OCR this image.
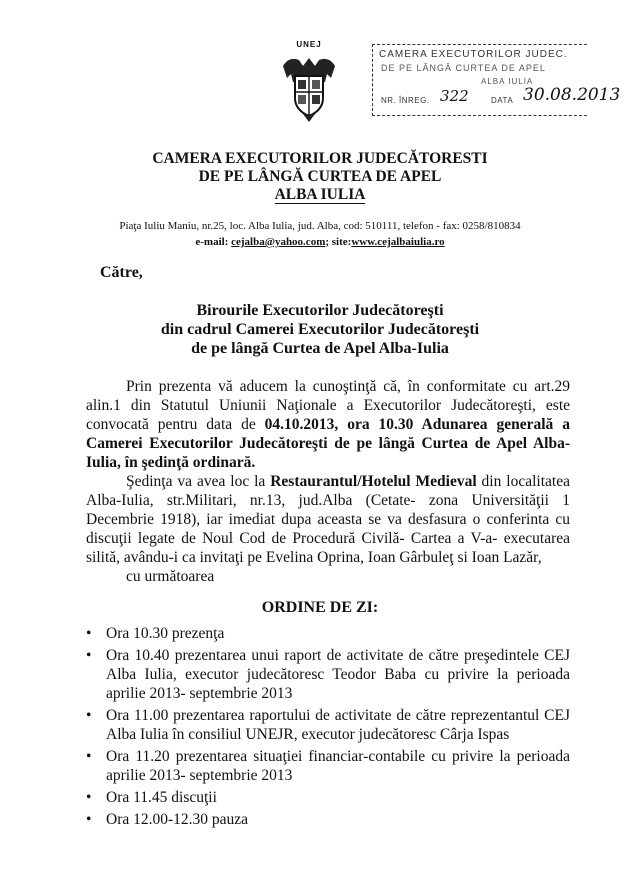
UNEJ
CAMERA EXECUTORILOR JUDEC.
DE PE LÂNGĂ CURTEA DE APEL
ALBA IULIA
NR. ÎNREG. 322	DATA 30.08.2013
CAMERA EXECUTORILOR JUDECĂTORESTI
DE PE LÂNGĂ CURTEA DE APEL
ALBA IULIA
Piaţa Iuliu Maniu, nr.25, loc. Alba Iulia, jud. Alba, cod: 510111, telefon - fax: 0258/810834
e-mail: cejalba@yahoo.com; site:www.cejalbaiulia.ro
Către,
Birourile Executorilor Judecătoreşti
din cadrul Camerei Executorilor Judecătoreşti
de pe lângă Curtea de Apel Alba-Iulia
Prin prezenta vă aducem la cunoştinţă că, în conformitate cu art.29 alin.1 din Statutul Uniunii Naţionale a Executorilor Judecătoreşti, este convocată pentru data de 04.10.2013, ora 10.30 Adunarea generală a Camerei Executorilor Judecătoreşti de pe lângă Curtea de Apel Alba-Iulia, în şedinţă ordinară.
Şedinţa va avea loc la Restaurantul/Hotelul Medieval din localitatea Alba-Iulia, str.Militari, nr.13, jud.Alba (Cetate- zona Universităţii 1 Decembrie 1918), iar imediat dupa aceasta se va desfasura o conferinta cu discuţii legate de Noul Cod de Procedură Civilă- Cartea a V-a- executarea silită, avându-i ca invitaţi pe Evelina Oprina, Ioan Gârbuleţ si Ioan Lazăr,
cu următoarea
ORDINE DE ZI:
• Ora 10.30 prezenţa
• Ora 10.40 prezentarea unui raport de activitate de către preşedintele CEJ Alba Iulia, executor judecătoresc Teodor Baba cu privire la perioada aprilie 2013- septembrie 2013
• Ora 11.00 prezentarea raportului de activitate de către reprezentantul CEJ Alba Iulia în consiliul UNEJR, executor judecătoresc Cârja Ispas
• Ora 11.20 prezentarea situaţiei financiar-contabile cu privire la perioada aprilie 2013- septembrie 2013
• Ora 11.45 discuţii
• Ora 12.00-12.30 pauza
